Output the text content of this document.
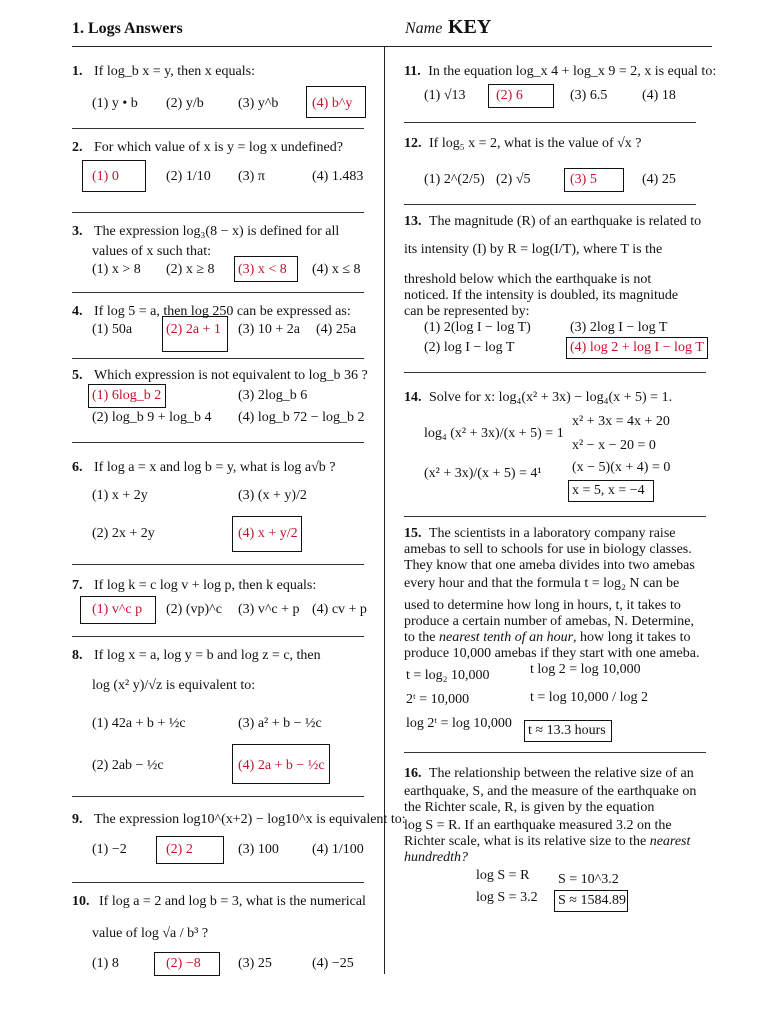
1. Logs Answers	Name KEY
1. If log_b x = y, then x equals:
(1) y • b (2) y/b (3) y^b (4) b^y
2. For which value of x is y = log x undefined?
(1) 0	(2) 1/10 (3) π	(4) 1.483
3. The expression log₃(8 − x) is defined for all
values of x such that:
(1) x > 8 (2) x ≥ 8 (3) x < 8 (4) x ≤ 8
4. If log 5 = a, then log 250 can be expressed as:
(1) 50a (2) 2a + 1 (3) 10 + 2a (4) 25a
5. Which expression is not equivalent to log_b 36 ?
(1) 6log_b 2
(2) log_b 9 + log_b 4
(3) 2log_b 6
(4) log_b 72 − log_b 2
6. If log a = x and log b = y, what is log a√b ?
(1) x + 2y	(3) (x + y)/2
(2) 2x + 2y	(4) x + y/2
7. If log k = c log v + log p, then k equals:
(1) v^c p (2) (vp)^c (3) v^c + p (4) cv + p
8. If log x = a, log y = b and log z = c, then
log (x² y)/√z is equivalent to:
(1) 42a + b + ½c	(3) a² + b − ½c
(2) 2ab − ½c	(4) 2a + b − ½c
9. The expression log10^(x+2) − log10^x is equivalent to:
(1) −2	(2) 2	(3) 100 (4) 1/100
10. If log a = 2 and log b = 3, what is the numerical
value of log √a / b³ ?
(1) 8	(2) −8	(3) 25	(4) −25
11. In the equation log_x 4 + log_x 9 = 2, x is equal to:
(1) √13 (2) 6	(3) 6.5 (4) 18
12. If log₅ x = 2, what is the value of √x ?
(1) 2^(2/5) (2) √5	(3) 5	(4) 25
13. The magnitude (R) of an earthquake is related to
its intensity (I) by R = log(I/T), where T is the
threshold below which the earthquake is not
noticed. If the intensity is doubled, its magnitude
can be represented by:
(1) 2(log I − log T)
(2) log I − log T
(3) 2log I − log T
(4) log 2 + log I − log T
14. Solve for x: log₄(x² + 3x) − log₄(x + 5) = 1.
log₄ (x² + 3x)/(x + 5) = 1
(x² + 3x)/(x + 5) = 4¹
x² + 3x = 4x + 20
x² − x − 20 = 0
(x − 5)(x + 4) = 0
x = 5, x = −4
15. The scientists in a laboratory company raise
amebas to sell to schools for use in biology classes.
They know that one ameba divides into two amebas
every hour and that the formula t = log₂ N can be
used to determine how long in hours, t, it takes to
produce a certain number of amebas, N. Determine,
to the nearest tenth of an hour, how long it takes to
produce 10,000 amebas if they start with one ameba.
t = log₂ 10,000
2ᵗ = 10,000
log 2ᵗ = log 10,000
t log 2 = log 10,000
t = log 10,000 / log 2
t ≈ 13.3 hours
16. The relationship between the relative size of an
earthquake, S, and the measure of the earthquake on
the Richter scale, R, is given by the equation
log S = R. If an earthquake measured 3.2 on the
Richter scale, what is its relative size to the nearest
hundredth?
log S = R
log S = 3.2
S = 10^3.2
S ≈ 1584.89
